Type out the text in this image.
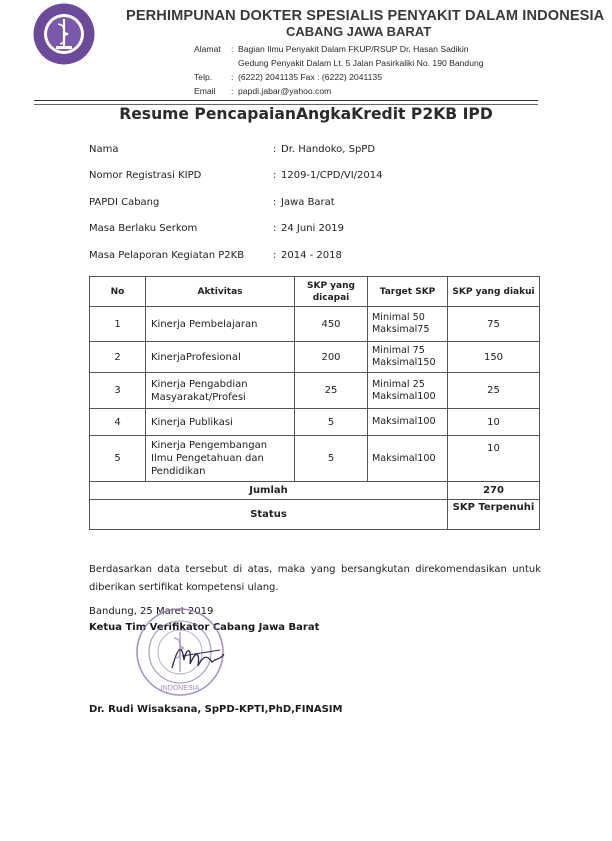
PERHIMPUNAN DOKTER SPESIALIS PENYAKIT DALAM INDONESIA
CABANG JAWA BARAT
Alamat : Bagian Ilmu Penyakit Dalam FKUP/RSUP Dr. Hasan Sadikin
Gedung Penyakit Dalam Lt. 5 Jalan Pasirkaliki No. 190 Bandung
Telp. : (6222) 2041135 Fax : (6222) 2041135
Email : papdi.jabar@yahoo.com
Resume PencapaianAngkaKredit P2KB IPD
Nama	: Dr. Handoko, SpPD
Nomor Registrasi KIPD	: 1209-1/CPD/VI/2014
PAPDI Cabang	: Jawa Barat
Masa Berlaku Serkom	: 24 Juni 2019
Masa Pelaporan Kegiatan P2KB	: 2014 - 2018
No	Aktivitas	SKP yang dicapai	Target SKP	SKP yang diakui
1	Kinerja Pembelajaran	450	Minimal 50 Maksimal75	75
2	KinerjaProfesional	200	Minimal 75 Maksimal150	150
3	Kinerja Pengabdian Masyarakat/Profesi	25	Minimal 25 Maksimal100	25
4	Kinerja Publikasi	5	Maksimal100	10
5	Kinerja Pengembangan Ilmu Pengetahuan dan Pendidikan	5	Maksimal100	10
Jumlah				270
Status				SKP Terpenuhi
Berdasarkan data tersebut di atas, maka yang bersangkutan direkomendasikan untuk diberikan sertifikat kompetensi ulang.
Bandung, 25 Maret 2019
Ketua Tim Verifikator Cabang Jawa Barat
INDONESIA
Dr. Rudi Wisaksana, SpPD-KPTI,PhD,FINASIM
